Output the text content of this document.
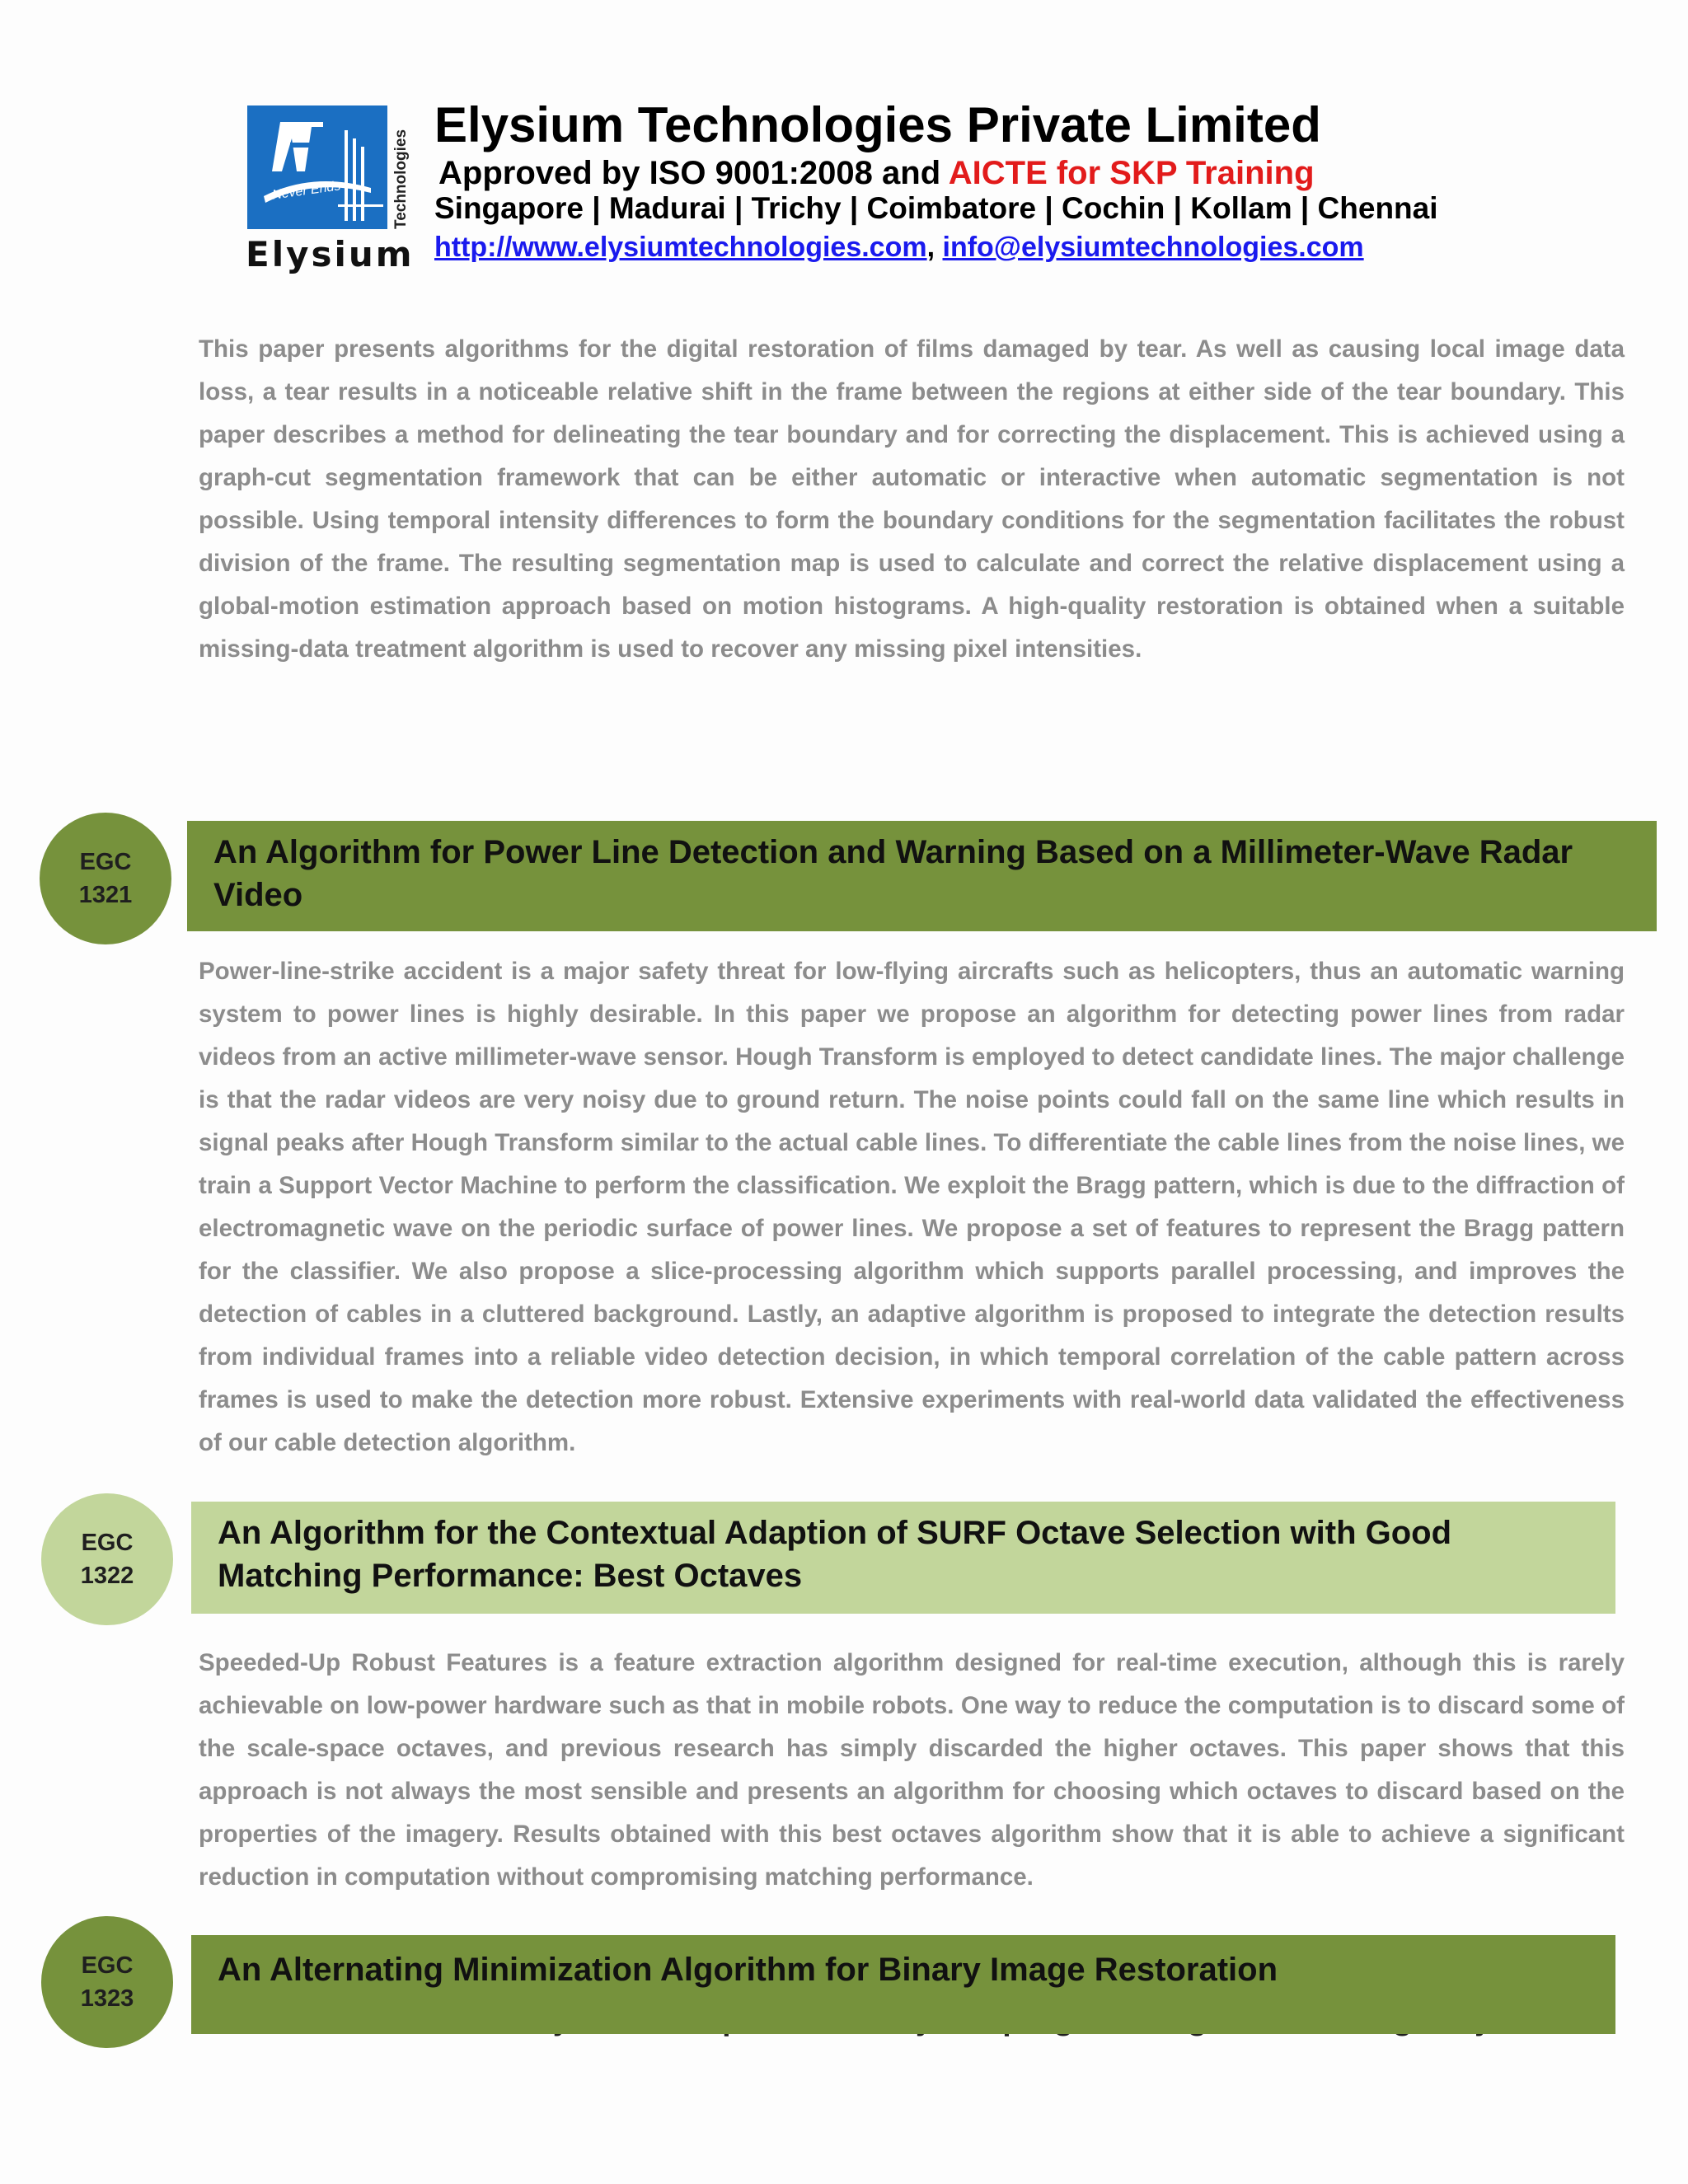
Never Ends	Technologies
Elysium
Elysium Technologies Private Limited
Approved by ISO 9001:2008 and AICTE for SKP Training
Singapore | Madurai | Trichy | Coimbatore | Cochin | Kollam | Chennai
http://www.elysiumtechnologies.com, info@elysiumtechnologies.com
This paper presents algorithms for the digital restoration of films damaged by tear. As well as causing local image data loss, a tear results in a noticeable relative shift in the frame between the regions at either side of the tear boundary. This paper describes a method for delineating the tear boundary and for correcting the displacement. This is achieved using a graph-cut segmentation framework that can be either automatic or interactive when automatic segmentation is not possible. Using temporal intensity differences to form the boundary conditions for the segmentation facilitates the robust division of the frame. The resulting segmentation map is used to calculate and correct the relative displacement using a global-motion estimation approach based on motion histograms. A high-quality restoration is obtained when a suitable missing-data treatment algorithm is used to recover any missing pixel intensities.
EGC
1321
An Algorithm for Power Line Detection and Warning Based on a Millimeter-Wave Radar Video
Power-line-strike accident is a major safety threat for low-flying aircrafts such as helicopters, thus an automatic warning system to power lines is highly desirable. In this paper we propose an algorithm for detecting power lines from radar videos from an active millimeter-wave sensor. Hough Transform is employed to detect candidate lines. The major challenge is that the radar videos are very noisy due to ground return. The noise points could fall on the same line which results in signal peaks after Hough Transform similar to the actual cable lines. To differentiate the cable lines from the noise lines, we train a Support Vector Machine to perform the classification. We exploit the Bragg pattern, which is due to the diffraction of electromagnetic wave on the periodic surface of power lines. We propose a set of features to represent the Bragg pattern for the classifier. We also propose a slice-processing algorithm which supports parallel processing, and improves the detection of cables in a cluttered background. Lastly, an adaptive algorithm is proposed to integrate the detection results from individual frames into a reliable video detection decision, in which temporal correlation of the cable pattern across frames is used to make the detection more robust. Extensive experiments with real-world data validated the effectiveness of our cable detection algorithm.
EGC
1322
An Algorithm for the Contextual Adaption of SURF Octave Selection with Good Matching Performance: Best Octaves
Speeded-Up Robust Features is a feature extraction algorithm designed for real-time execution, although this is rarely achievable on low-power hardware such as that in mobile robots. One way to reduce the computation is to discard some of the scale-space octaves, and previous research has simply discarded the higher octaves. This paper shows that this approach is not always the most sensible and presents an algorithm for choosing which octaves to discard based on the properties of the imagery. Results obtained with this best octaves algorithm show that it is able to achieve a significant reduction in computation without compromising matching performance.
EGC
1323
An Alternating Minimization Algorithm for Binary Image Restoration
